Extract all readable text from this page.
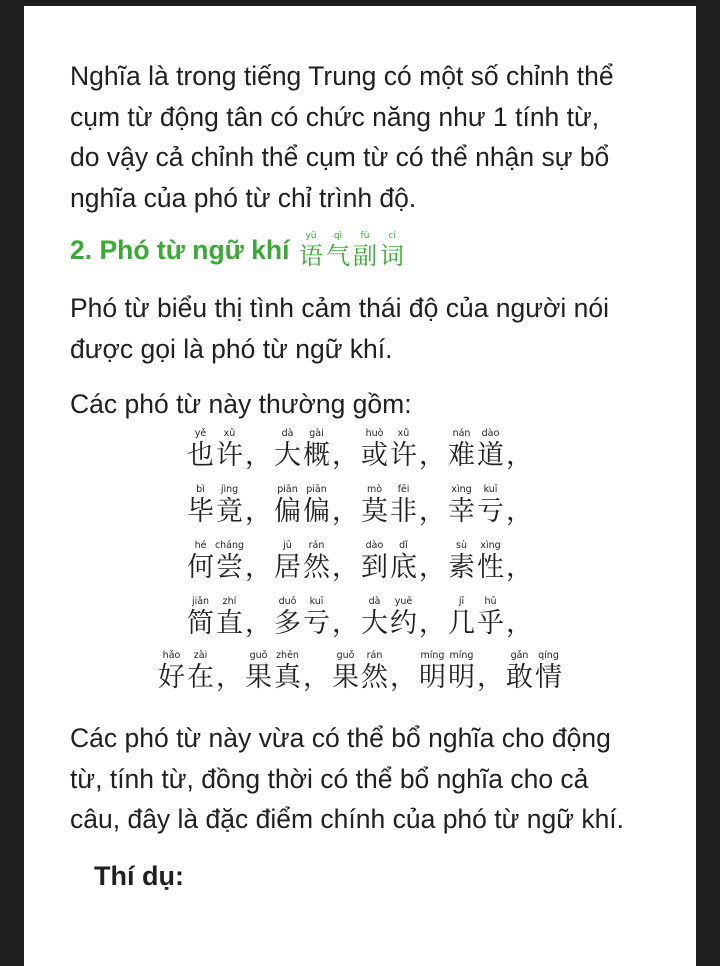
Nghĩa là trong tiếng Trung có một số chỉnh thể
cụm từ động tân có chức năng như 1 tính từ,
do vậy cả chỉnh thể cụm từ có thể nhận sự bổ
nghĩa của phó từ chỉ trình độ.

2. Phó từ ngữ khí yǔ
语
qì
气
fù
副
cí
词

Phó từ biểu thị tình cảm thái độ của người nói
được gọi là phó từ ngữ khí.

Các phó từ này thường gồm:

yě
也
xǔ
许 ，
dà
大
gài
概 ，
huò
或
xǔ
许 ，
nán
难
dào
道 ，
bì
毕
jìng
竟 ，
piān
偏
piān
偏 ，
mò
莫
fēi
非 ，
xìng
幸
kuī
亏 ，
hé
何
cháng
尝 ，
jū
居
rán
然 ，
dào
到
dǐ
底 ，
sù
素
xìng
性 ，
jiǎn
简
zhí
直 ，
duō
多
kuī
亏 ，
dà
大
yuē
约 ，
jī
几
hū
乎 ，
hǎo
好
zài
在 ，
guǒ
果
zhēn
真 ，
guǒ
果
rán
然 ，
míng
明
míng
明 ，
gǎn
敢
qíng
情

Các phó từ này vừa có thể bổ nghĩa cho động
từ, tính từ, đồng thời có thể bổ nghĩa cho cả
câu, đây là đặc điểm chính của phó từ ngữ khí.

Thí dụ:
